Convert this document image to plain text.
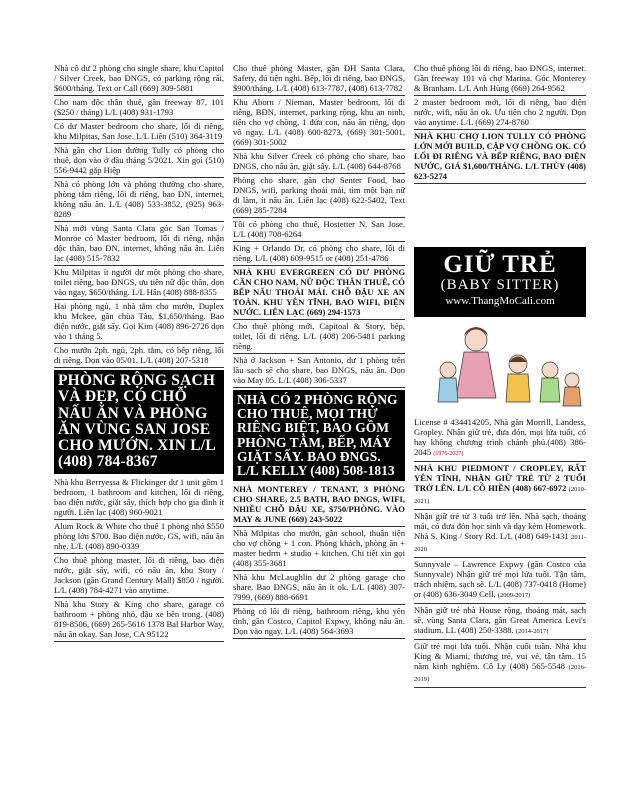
Nhà cô dư 2 phòng cho single share, khu Capitol / Silver Creek, bao ĐNGS, có parking rộng rãi, $600/tháng. Text or Call (669) 309-5881
Cho nam độc thân thuê, gần freeway 87, 101 ($250 / tháng) L/L (408) 931-1793
Có dư Master bedroom cho share, lối đi riêng, khu Milpitas, San Jose. L/L Liên (510) 364-3119
Nhà gần chợ Lion đường Tully có phòng cho thuê, dọn vào ở đầu tháng 5/2021. Xin gọi (510) 556-9442 gặp Hiệp
Nhà có phòng lớn và phòng thường cho share, phòng tắm riêng, lối đi riêng, bao ĐN, internet, không nấu ăn. L/L (408) 533-3852, (925) 963-8289
Nhà mới vùng Santa Clara góc San Tomas / Monroe có Master bedroom, lối đi riêng, nhận độc thân, bao ĐN, internet, không nấu ăn. Liên lạc (408) 515-7832
Khu Milpitas ít người dư một phòng cho share, toilet riêng, bao ĐNGS, ưu tiên nữ độc thân, dọn vào ngay, $650/tháng. L/L Hân (408) 888-8355
Hai phòng ngủ, 1 nhà tắm cho mướn, Duplex khu Mckee, gần chùa Tàu, $1,650/tháng. Bao điện nước, giặt sấy. Gọi Kim (408) 896-2726 dọn vào 1 tháng 5.
Cho mướn 2ph. ngủ, 2ph. tắm, có bếp riêng, lối đi riêng. Dọn vào 05/01. L/L (408) 207-5318
PHÒNG RỘNG SẠCH VÀ ĐẸP, CÓ CHỖ NẤU ĂN VÀ PHÒNG ĂN VÙNG SAN JOSE CHO MƯỚN. XIN L/L (408) 784-8367
Nhà khu Berryessa & Flickinger dư 1 unit gồm 1 bedroom, 1 bathroom and kitchen, lối đi riêng, bao điện nước, giặt sấy, thích hợp cho gia đình ít người. Liên lạc (408) 960-9021
Alum Rock & White cho thuê 1 phòng nhỏ $550 phòng lớn $700. Bao điện nước, GS, wifi, nấu ăn nhẹ. L/L (408) 890-0339
Cho thuê phòng master, lối đi riêng, bao điện nước, giặt sấy, wifi, có nấu ăn, khu Story / Jackson (gần Grand Century Mall) $850 / người. L/L (408) 784-4271 vào anytime.
Nhà khu Story & King cho share, garage có bathroom + phòng nhỏ, đậu xe bên trong. (408) 819-8506, (669) 265-5616 1378 Bal Harbor Way, nấu ăn okay. San Jose, CA 95122
Cho thuê phòng Master, gần ĐH Santa Clara, Safety, đủ tiện nghi. Bếp, lối đi riêng, bao ĐNGS, $900/tháng. L/L (408) 613-7787, (408) 613-7782
Khu Aborn / Nieman, Master bedroom, lối đi riêng, BĐN, internet, parking rộng, khu an ninh, tiện cho vợ chồng, 1 đứa con, nấu ăn riêng, dọn vô ngay. L/L (408) 600-8273, (669) 301-5001, (669) 301-5002
Nhà khu Silver Creek có phòng cho share, bao ĐNGS, cho nấu ăn, giặt sấy. L/L (408) 644-8768
Phòng cho share, gần chợ Senter Food, bao ĐNGS, wifi, parking thoải mái, tìm một bạn nữ đi làm, ít nấu ăn. Liên lạc (408) 622-5402, Text (669) 285-7284
Tôi có phòng cho thuê, Hostetter N. San Jose. L/L (408) 708-6264
King + Orlando Dr, có phòng cho share, lối đi riêng. L/L (408) 609-9515 or (408) 251-4786
NHÀ KHU EVERGREEN CÓ DƯ PHÒNG CẦN CHO NAM, NỮ ĐỘC THÂN THUÊ, CÓ BẾP NẤU THOẢI MÁI. CHỖ ĐẬU XE AN TOÀN. KHU YÊN TĨNH, BAO WIFI, ĐIỆN NƯỚC. LIÊN LẠC (669) 294-1573
Cho thuê phòng mới, Capitoal & Story, bếp, toilet, lối đi riêng. L/L (408) 206-5481 parking riêng.
Nhà ở Jackson + San Antonio, dư 1 phòng trên lầu sạch sẽ cho share, bao ĐNGS, nấu ăn. Dọn vào May 05. L/L (408) 306-5337
NHÀ CÓ 2 PHÒNG RỘNG CHO THUÊ, MỌI THỨ RIÊNG BIỆT, BAO GỒM PHÒNG TẮM, BẾP, MÁY GIẶT SẤY. BAO ĐNGS. L/L KELLY (408) 508-1813
NHÀ MONTEREY / TENANT, 3 PHÒNG CHO SHARE, 2.5 BATH, BAO ĐNGS, WIFI, NHIỀU CHỖ ĐẬU XE, $750/PHÒNG. VÀO MAY & JUNE (669) 243-5022
Nhà Milpitas cho mướn, gần school, thuận tiện cho vợ chồng + 1 con. Phòng khách, phòng ăn + master bedrm + studio + kitchen. Chi tiết xin gọi (408) 355-3681
Nhà khu McLaughlin dư 2 phòng garage cho share. Bao ĐNGS, nấu ăn ít ok. L/L (408) 307-7999, (669) 888-6691
Phòng có lối đi riêng, bathroom riêng, khu yên tĩnh, gần Costco, Capitol Expwy, không nấu ăn. Dọn vào ngay. L/L (408) 564-3693
Cho thuê phòng lối đi riêng, bao ĐNGS, internet. Gần freeway 101 và chợ Marina. Góc Monterey & Branham. L/L Anh Hùng (669) 264-9562
2 master bedroom mới, lối đi riêng, bao điện nước, wifi, nấu ăn ok. Ưu tiên cho 2 người. Dọn vào anytime. L/L (669) 274-8760
NHÀ KHU CHỢ LION TULLY CÓ PHÒNG LỚN MỚI BUILD, CẬP VỢ CHỒNG OK. CÓ LỐI ĐI RIÊNG VÀ BẾP RIÊNG, BAO ĐIỆN NƯỚC, GIÁ $1,600/THÁNG. L/L THÙY (408) 623-5274
GIỮ TRẺ
(BABY SITTER)
www.ThangMoCali.com
License # 434414205, Nhà gần Morrill, Landess, Gropley. Nhận giữ trẻ, đưa đón, mọi lứa tuổi, có hay không chương trình chánh phủ.(408) 386-2045 (1976-2027)
NHÀ KHU PIEDMONT / CROPLEY, RẤT YÊN TĨNH, NHẬN GIỮ TRẺ TỪ 2 TUỔI TRỞ LÊN. L/L CÔ HIỀN (408) 667-6972 (2010-2021)
Nhận giữ trẻ từ 3 tuổi trở lên. Nhà sạch, thoáng mát, có đưa đón học sinh và dạy kèm Homework. Nhà S. King / Story Rd. L/L (408) 649-1431 2011-2020
Sunnyvale – Lawrence Expwy (gần Costco của Sunnyvale) Nhận giữ trẻ mọi lứa tuổi. Tận tâm, trách nhiệm, sạch sẽ. L/L (408) 737-0418 (Home) or (408) 636-3049 Cell. (2009-2017)
Nhận giữ trẻ nhà House rộng, thoáng mát, sạch sẽ, vùng Santa Clara, gần Great America Levi's stadium. LL (408) 250-3388. (2014-2017)
Giữ trẻ mọi lứa tuổi. Nhận cuối tuần. Nhà khu King & Miami, thương trẻ, vui vẻ, tận tâm. 15 năm kinh nghiệm. Cô Ly (408) 565-5548 (2016-2019)
